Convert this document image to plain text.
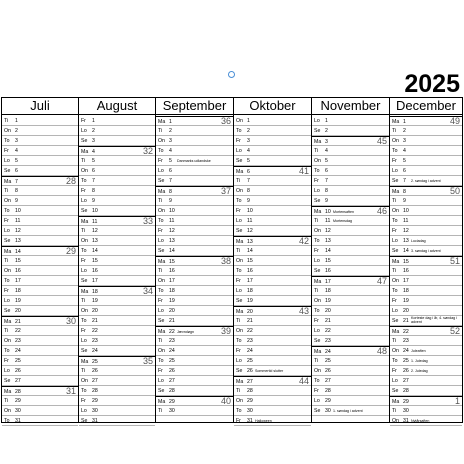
2025
Juli
Ti 1
On 2
To 3
Fr 4
Lo 5
Se 6
Ma 7	28
Ti 8
On 9
To 10
Fr 11
Lo 12
Se 13
Ma 14	29
Ti 15
On 16
To 17
Fr 18
Lo 19
Se 20
Ma 21	30
Ti 22
On 23
To 24
Fr 25
Lo 26
Se 27
Ma 28	31
Ti 29
On 30
To 31
August
Fr 1
Lo 2
Se 3
Ma 4	32
Ti 5
On 6
To 7
Fr 8
Lo 9
Se 10
Ma 11	33
Ti 12
On 13
To 14
Fr 15
Lo 16
Se 17
Ma 18	34
Ti 19
On 20
To 21
Fr 22
Lo 23
Se 24
Ma 25	35
Ti 26
On 27
To 28
Fr 29
Lo 30
Se 31
September
Ma 1	36
Ti 2
On 3
To 4
Fr 5 Danmarks udlandske
Lo 6
Se 7
Ma 8	37
Ti 9
On 10
To 11
Fr 12
Lo 13
Se 14
Ma 15	38
Ti 16
On 17
To 18
Fr 19
Lo 20
Se 21
Ma 22 Jævndøgn	39
Ti 23
On 24
To 25
Fr 26
Lo 27
Se 28
Ma 29	40
Ti 30
Oktober
On 1
To 2
Fr 3
Lo 4
Se 5
Ma 6	41
Ti 7
On 8
To 9
Fr 10
Lo 11
Se 12
Ma 13	42
Ti 14
On 15
To 16
Fr 17
Lo 18
Se 19
Ma 20	43
Ti 21
On 22
To 23
Fr 24
Lo 25
Se 26 Sommertid slutter
Ma 27	44
Ti 28
On 29
To 30
Fr 31 Halloween
November
Lo 1
Se 2
Ma 3	45
Ti 4
On 5
To 6
Fr 7
Lo 8
Se 9
Ma 10 Mortensaften	46
Ti 11 Mortensdag
On 12
To 13
Fr 14
Lo 15
Se 16
Ma 17	47
Ti 18
On 19
To 20
Fr 21
Lo 22
Se 23
Ma 24	48
Ti 25
On 26
To 27
Fr 28
Lo 29
Se 30 1. søndag i advent
December
Ma 1	49
Ti 2
On 3
To 4
Fr 5
Lo 6
Se 7 2. søndag i advent
Ma 8	50
Ti 9
On 10
To 11
Fr 12
Lo 13 Luciadag
Se 14 3. søndag i advent
Ma 15	51
Ti 16
On 17
To 18
Fr 19
Lo 20
Se 21 Korteste dag i år, 4. søndag i advent
Ma 22	52
Ti 23
On 24 Juleaften
To 25 1. Juledag
Fr 26 2. Juledag
Lo 27
Se 28
Ma 29	1
Ti 30
On 31 Nytårsaften
